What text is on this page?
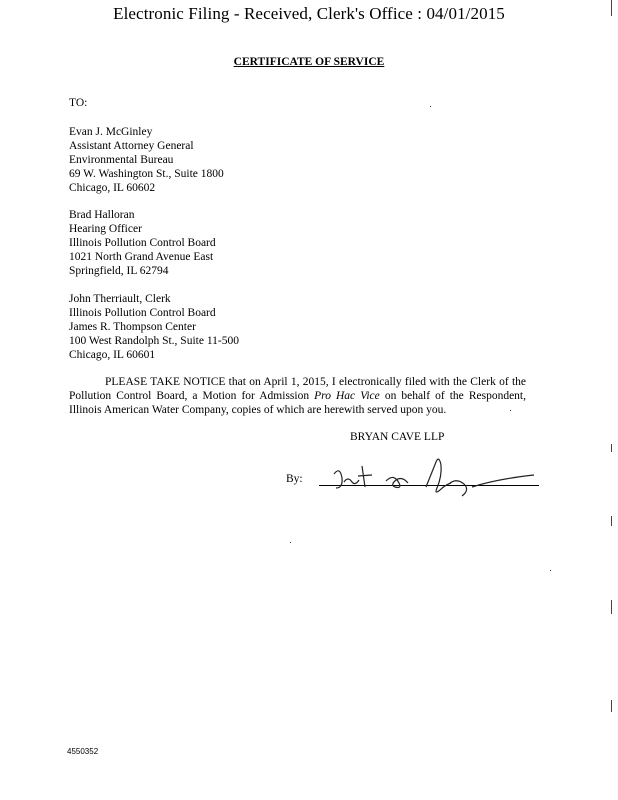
Electronic Filing - Received, Clerk's Office : 04/01/2015
CERTIFICATE OF SERVICE
TO:
Evan J. McGinley
Assistant Attorney General
Environmental Bureau
69 W. Washington St., Suite 1800
Chicago, IL 60602
Brad Halloran
Hearing Officer
Illinois Pollution Control Board
1021 North Grand Avenue East
Springfield, IL 62794
John Therriault, Clerk
Illinois Pollution Control Board
James R. Thompson Center
100 West Randolph St., Suite 11-500
Chicago, IL 60601
PLEASE TAKE NOTICE that on April 1, 2015, I electronically filed with the Clerk of the Pollution Control Board, a Motion for Admission Pro Hac Vice on behalf of the Respondent, Illinois American Water Company, copies of which are herewith served upon you.
BRYAN CAVE LLP
By:
4550352
